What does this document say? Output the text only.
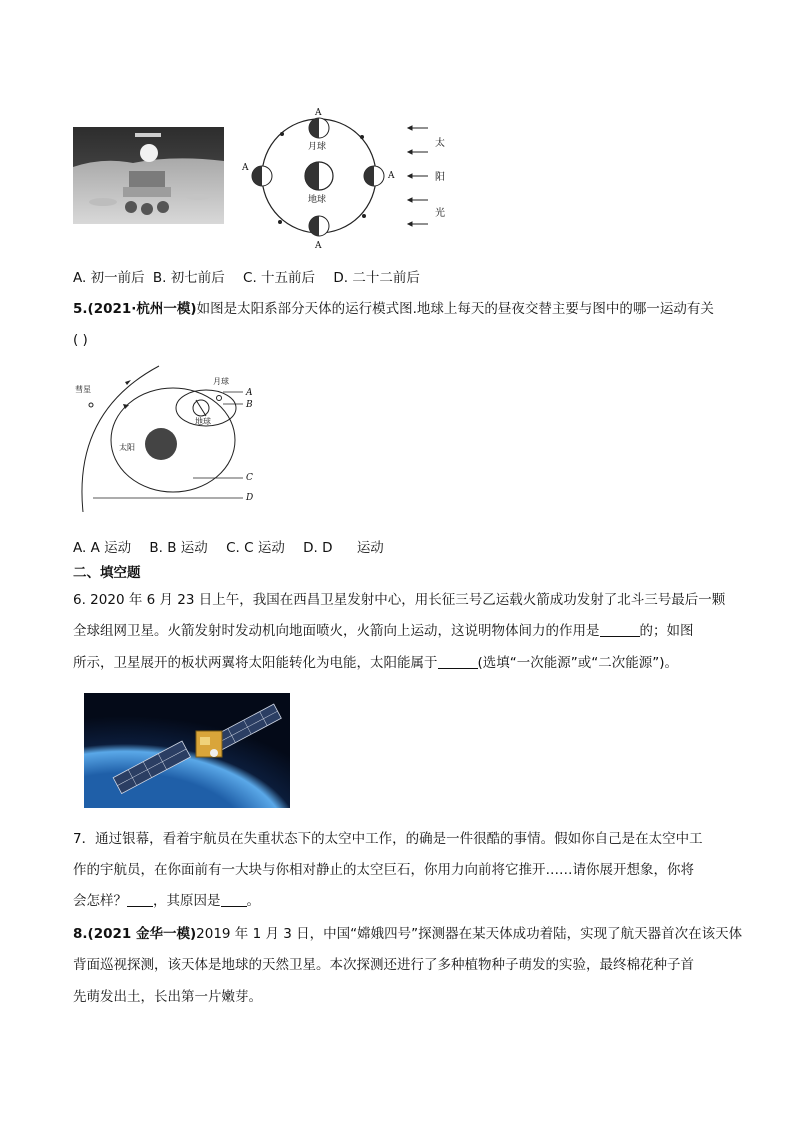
A
A
A
A
月球
地球
太
阳
光
A. 初一前后 B. 初七前后 C. 十五前后 D. 二十二前后
5.(2021·杭州一模)如图是太阳系部分天体的运行模式图.地球上每天的昼夜交替主要与图中的哪一运动有关
( )
彗星
月球
地球
太阳
A
B
C
D
A. A 运动 B. B 运动 C. C 运动 D. D 运动
二、填空题
6. 2020 年 6 月 23 日上午，我国在西昌卫星发射中心，用长征三号乙运载火箭成功发射了北斗三号最后一颗
全球组网卫星。火箭发射时发动机向地面喷火，火箭向上运动，这说明物体间力的作用是	的；如图
所示，卫星展开的板状两翼将太阳能转化为电能，太阳能属于	(选填“一次能源”或“二次能源”)。
7．通过银幕，看着宇航员在失重状态下的太空中工作，的确是一件很酷的事情。假如你自己是在太空中工
作的宇航员，在你面前有一大块与你相对静止的太空巨石，你用力向前将它推开……请你展开想象，你将
会怎样？ ，其原因是 。
8.(2021 金华一模)2019 年 1 月 3 日，中国“嫦娥四号”探测器在某天体成功着陆，实现了航天器首次在该天体
背面巡视探测，该天体是地球的天然卫星。本次探测还进行了多种植物种子萌发的实验，最终棉花种子首
先萌发出土，长出第一片嫩芽。
